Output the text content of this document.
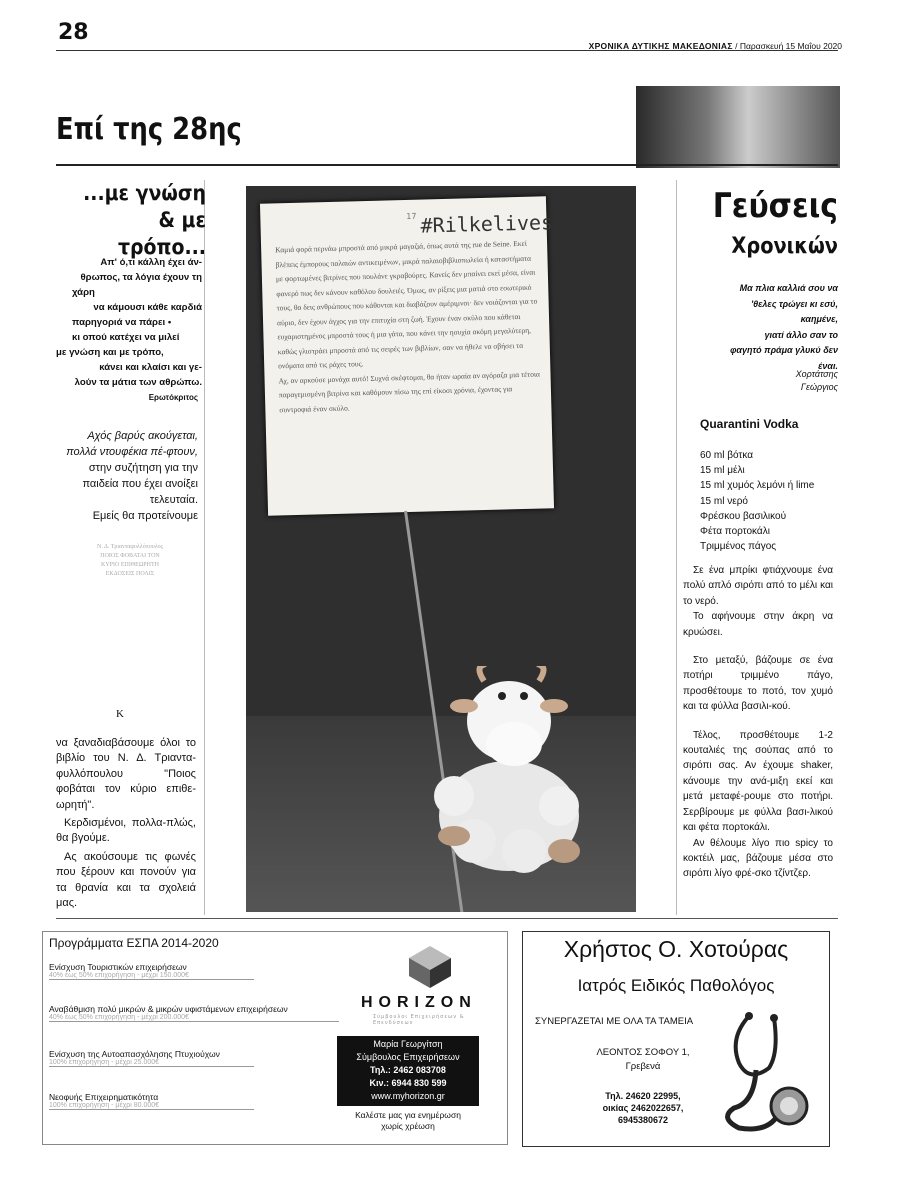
28
ΧΡΟΝΙΚΑ ΔΥΤΙΚΗΣ ΜΑΚΕΔΟΝΙΑΣ / Παρασκευή 15 Μαΐου 2020
Επί της 28ης
...με γνώση
& με τρόπο...
Απ' ό,τι κάλλη έχει άν-
θρωπος, τα λόγια έχουν τη
χάρη
να κάμουσι κάθε καρδιά
παρηγοριά να πάρει •
κι οπού κατέχει να μιλεί
με γνώση και με τρόπο,
κάνει και κλαίσι και γε-
λούν τα μάτια των αθρώπω.
Ερωτόκριτος
Αχός βαρύς ακούγεται, πολλά ντουφέκια πέ-φτουν, στην συζήτηση για την παιδεία που έχει ανοίξει τελευταία.
Εμείς θα προτείνουμε
Ν. Δ. Τριανταφυλλόπουλος
ΠΟΙΟΣ ΦΟΒΑΤΑΙ ΤΟΝ
ΚΥΡΙΟ ΕΠΙΘΕΩΡΗΤΗ
ΕΚΔΟΣΕΙΣ ΠΟΛΙΣ
Κ

να ξαναδιαβάσουμε όλοι το βιβλίο του Ν. Δ. Τριαντα-φυλλόπουλου "Ποιος φοβάται τον κύριο επιθε-ωρητή".

Κερδισμένοι, πολλα-πλώς, θα βγούμε.

Ας ακούσουμε τις φωνές που ξέρουν και πονούν για τα θρανία και τα σχολειά μας.

17 #Rilkelives
Καμιά φορά περνάω μπροστά από μικρά μαγαζιά, όπως αυτά της rue de Seine. Εκεί βλέπεις έμπορους παλαιών αντικειμένων, μικρά παλαιοβιβλιοπωλεία ή καταστήματα με φορτωμένες βιτρίνες που πουλάνε γκραβούρες. Κανείς δεν μπαίνει εκεί μέσα, είναι φανερό πως δεν κάνουν καθόλου δουλειές. Όμως, αν ρίξεις μια ματιά στο εσωτερικό τους, θα δεις ανθρώπους που κάθονται και διαβάζουν αμέριμνοι· δεν νοιάζονται για το αύριο, δεν έχουν άγχος για την επιτυχία στη ζωή. Έχουν έναν σκύλο που κάθεται ευχαριστημένος μπροστά τους ή μια γάτα, που κάνει την ησυχία ακόμη μεγαλύτερη, καθώς γλιστράει μπροστά από τις σειρές των βιβλίων, σαν να ήθελε να σβήσει τα ονόματα από τις ράχες τους.
Αχ, αν αρκούσε μονάχα αυτό! Συχνά σκέφτομαι, θα ήταν ωραία αν αγόραζα μια τέτοια παραγεμισμένη βιτρίνα και καθόμουν πίσω της επί είκοσι χρόνια, έχοντας για συντροφιά έναν σκύλο.
Γεύσεις
Χρονικών
Μα πλια καλλιά σου να
'θελες τρώγει κι εσύ,
καημένε,
γιατί άλλο σαν το
φαγητό πράμα γλυκύ δεν
έναι.
Χορτάτσης
Γεώργιος
Quarantini Vodka
60 ml βότκα
15 ml μέλι
15 ml χυμός λεμόνι ή lime
15 ml νερό
Φρέσκου βασιλικού
Φέτα πορτοκάλι
Τριμμένος πάγος

Σε ένα μπρίκι φτιάχνουμε ένα πολύ απλό σιρόπι από το μέλι και το νερό.

Το αφήνουμε στην άκρη να κρυώσει.

Στο μεταξύ, βάζουμε σε ένα ποτήρι τριμμένο πάγο, προσθέτουμε το ποτό, τον χυμό και τα φύλλα βασιλι-κού.

Τέλος, προσθέτουμε 1-2 κουταλιές της σούπας από το σιρόπι σας. Αν έχουμε shaker, κάνουμε την ανά-μιξη εκεί και μετά μεταφέ-ρουμε στο ποτήρι. Σερβίρουμε με φύλλα βασι-λικού και φέτα πορτοκάλι.

Αν θέλουμε λίγο πιο spicy το κοκτέιλ μας, βάζουμε μέσα στο σιρόπι λίγο φρέ-σκο τζίντζερ.

Προγράμματα ΕΣΠΑ 2014-2020
Ενίσχυση Τουριστικών επιχειρήσεων
40% έως 50% επιχορήγηση - μέχρι 150.000€
Αναβάθμιση πολύ μικρών & μικρών υφιστάμενων επιχειρήσεων
40% έως 50% επιχορήγηση - μέχρι 200.000€
Ενίσχυση της Αυτοαπασχόλησης Πτυχιούχων
100% επιχορήγηση - μέχρι 25.000€
Νεοφυής Επιχειρηματικότητα
100% επιχορήγηση - μέχρι 80.000€
HORIZON
Σύμβουλοι Επιχειρήσεων & Επενδύσεων
Μαρία Γεωργίτση
Σύμβουλος Επιχειρήσεων
Τηλ.: 2462 083708
Κιν.: 6944 830 599
www.myhorizon.gr
Καλέστε μας για ενημέρωση
χωρίς χρέωση
Χρήστος Ο. Χοτούρας
Ιατρός Ειδικός Παθολόγος
ΣΥΝΕΡΓΑΖΕΤΑΙ ΜΕ ΟΛΑ ΤΑ ΤΑΜΕΙΑ
ΛΕΟΝΤΟΣ ΣΟΦΟΥ 1,
Γρεβενά
Τηλ. 24620 22995,
οικίας 2462022657,
6945380672
